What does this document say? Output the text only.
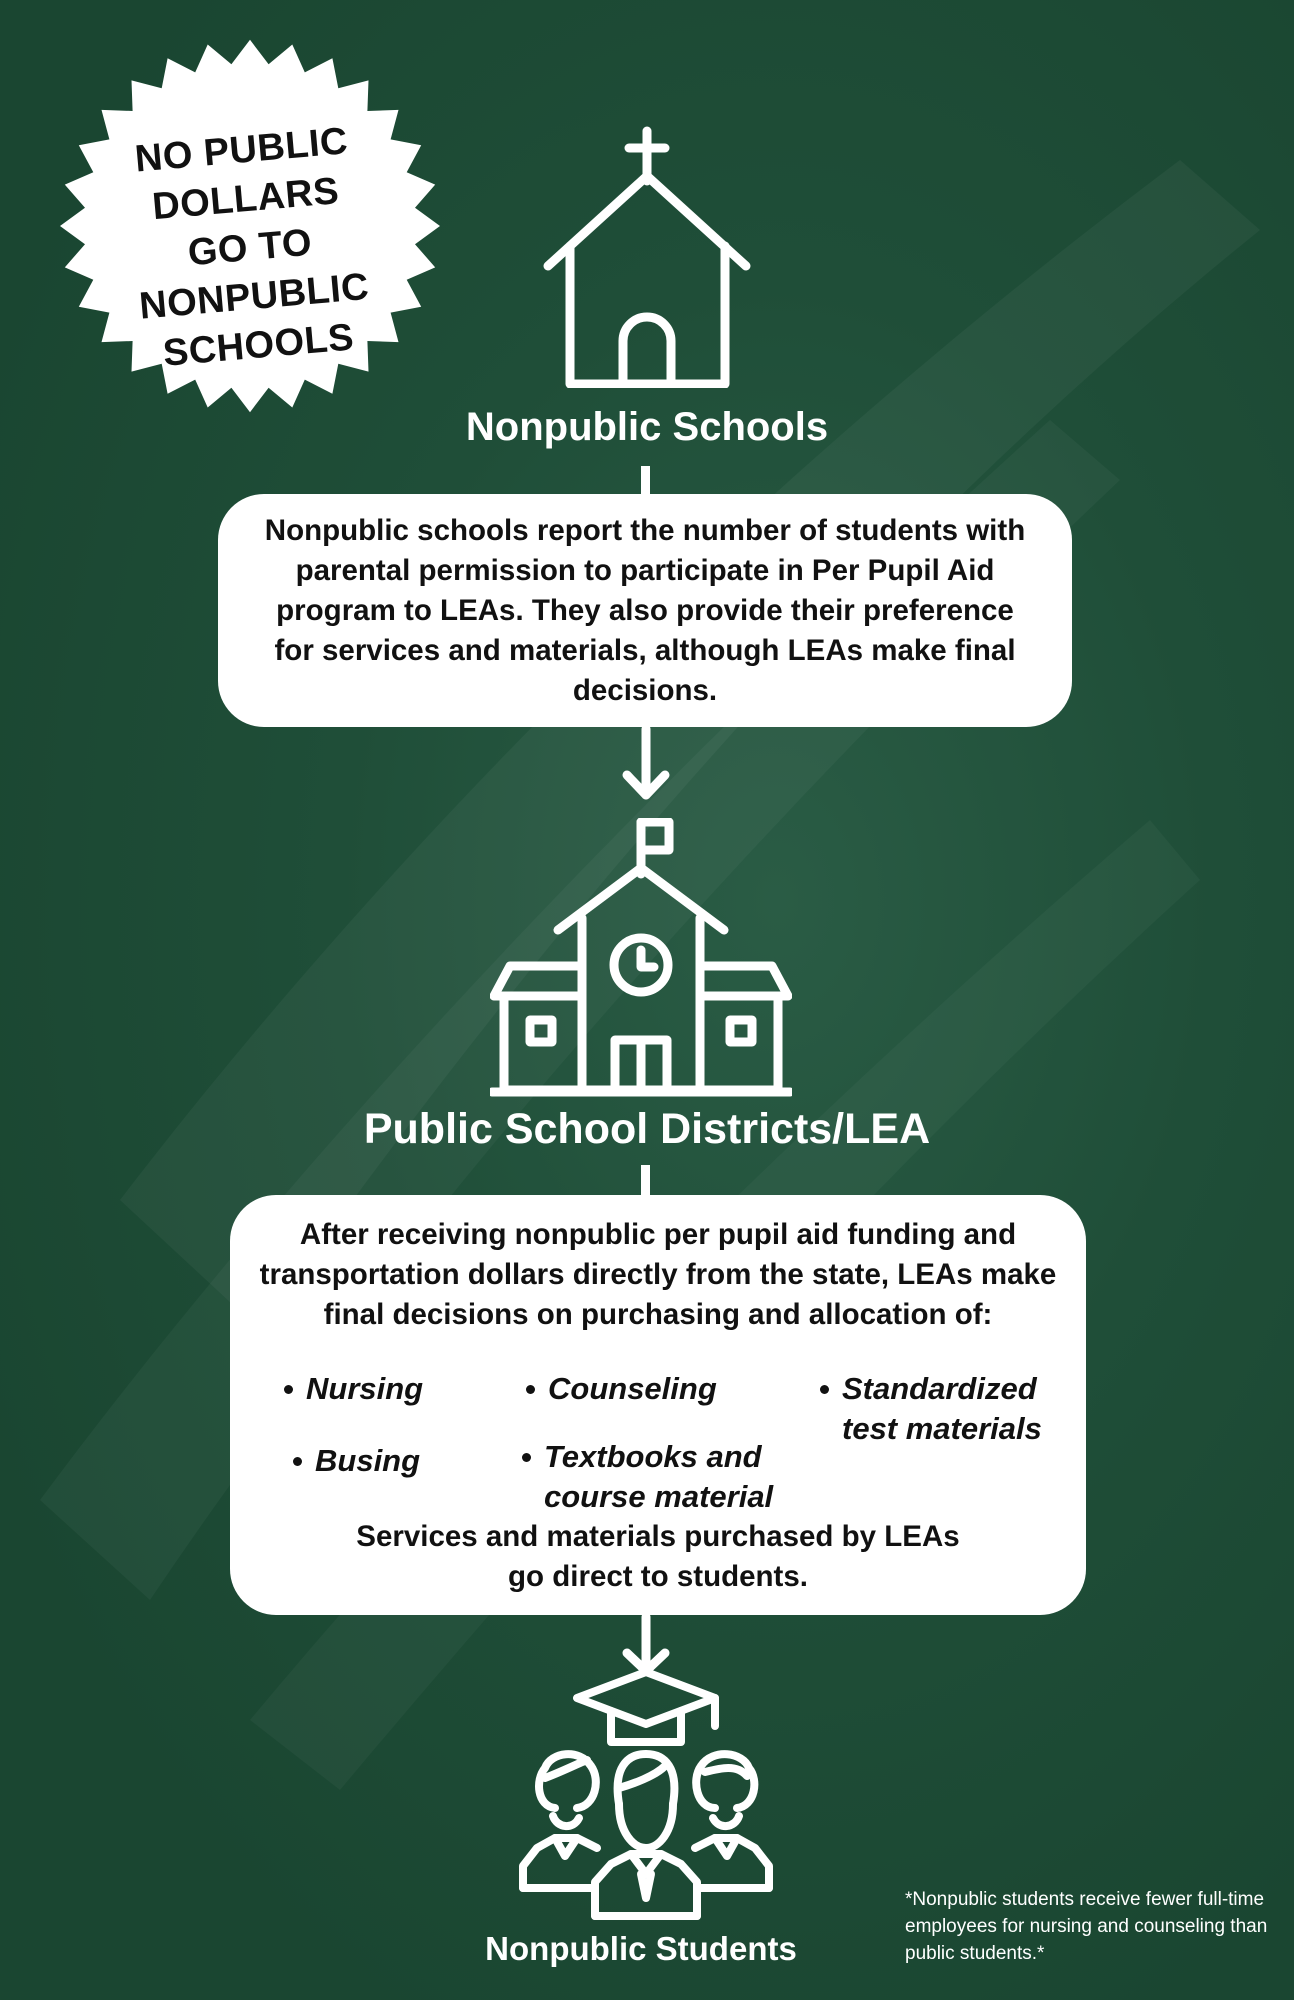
NO PUBLIC DOLLARS GO TO NONPUBLIC SCHOOLS
Nonpublic Schools

Nonpublic schools report the number of students with parental permission to participate in Per Pupil Aid program to LEAs. They also provide their preference for services and materials, although LEAs make final decisions.

Public School Districts/LEA

After receiving nonpublic per pupil aid funding and transportation dollars directly from the state, LEAs make final decisions on purchasing and allocation of:

Nursing	Counseling	Standardized test materials
Busing	Textbooks and course material

Services and materials purchased by LEAs go direct to students.

Nonpublic Students
*Nonpublic students receive fewer full-time employees for nursing and counseling than public students.*
